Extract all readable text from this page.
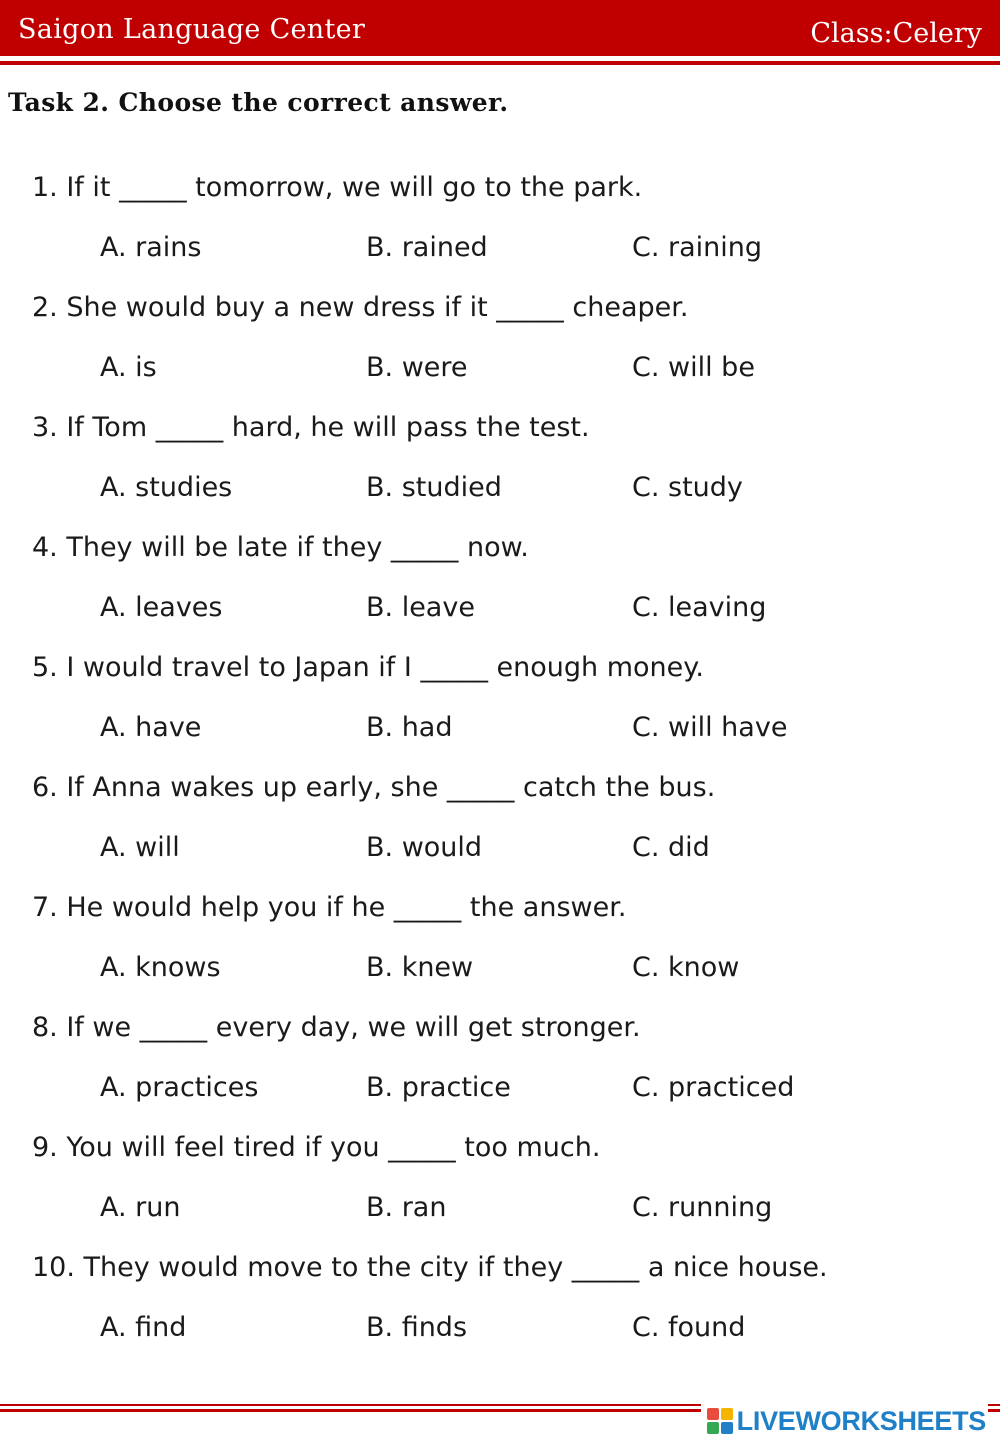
Saigon Language Center	Class:Celery
Task 2. Choose the correct answer.
1. If it _____ tomorrow, we will go to the park.
A. rains	B. rained	C. raining
2. She would buy a new dress if it _____ cheaper.
A. is	B. were	C. will be
3. If Tom _____ hard, he will pass the test.
A. studies	B. studied	C. study
4. They will be late if they _____ now.
A. leaves	B. leave	C. leaving
5. I would travel to Japan if I _____ enough money.
A. have	B. had	C. will have
6. If Anna wakes up early, she _____ catch the bus.
A. will	B. would	C. did
7. He would help you if he _____ the answer.
A. knows	B. knew	C. know
8. If we _____ every day, we will get stronger.
A. practices	B. practice	C. practiced
9. You will feel tired if you _____ too much.
A. run	B. ran	C. running
10. They would move to the city if they _____ a nice house.
A. find	B. finds	C. found
LIVEWORKSHEETS
